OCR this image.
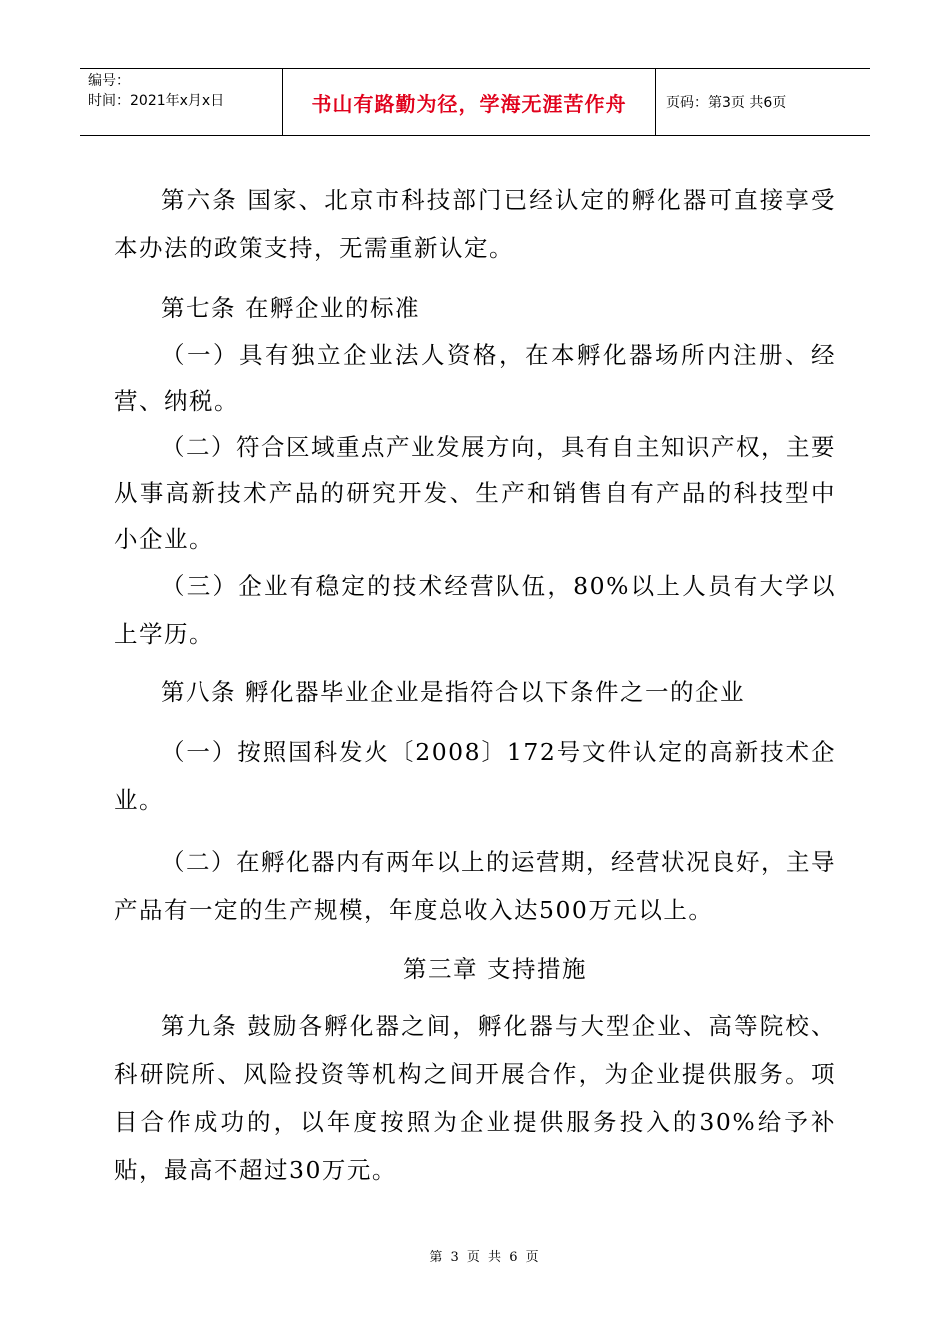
编号：
时间：2021年x月x日	书山有路勤为径，学海无涯苦作舟	页码：第3页 共6页

第六条 国家、北京市科技部门已经认定的孵化器可直接享受本办法的政策支持，无需重新认定。

第七条 在孵企业的标准

（一）具有独立企业法人资格，在本孵化器场所内注册、经营、纳税。

（二）符合区域重点产业发展方向，具有自主知识产权，主要从事高新技术产品的研究开发、生产和销售自有产品的科技型中小企业。

（三）企业有稳定的技术经营队伍，80%以上人员有大学以上学历。

第八条 孵化器毕业企业是指符合以下条件之一的企业

（一）按照国科发火〔2008〕172号文件认定的高新技术企业。

（二）在孵化器内有两年以上的运营期，经营状况良好，主导产品有一定的生产规模，年度总收入达500万元以上。

第三章 支持措施

第九条 鼓励各孵化器之间，孵化器与大型企业、高等院校、科研院所、风险投资等机构之间开展合作，为企业提供服务。项目合作成功的，以年度按照为企业提供服务投入的30%给予补贴，最高不超过30万元。

第 3 页 共 6 页
